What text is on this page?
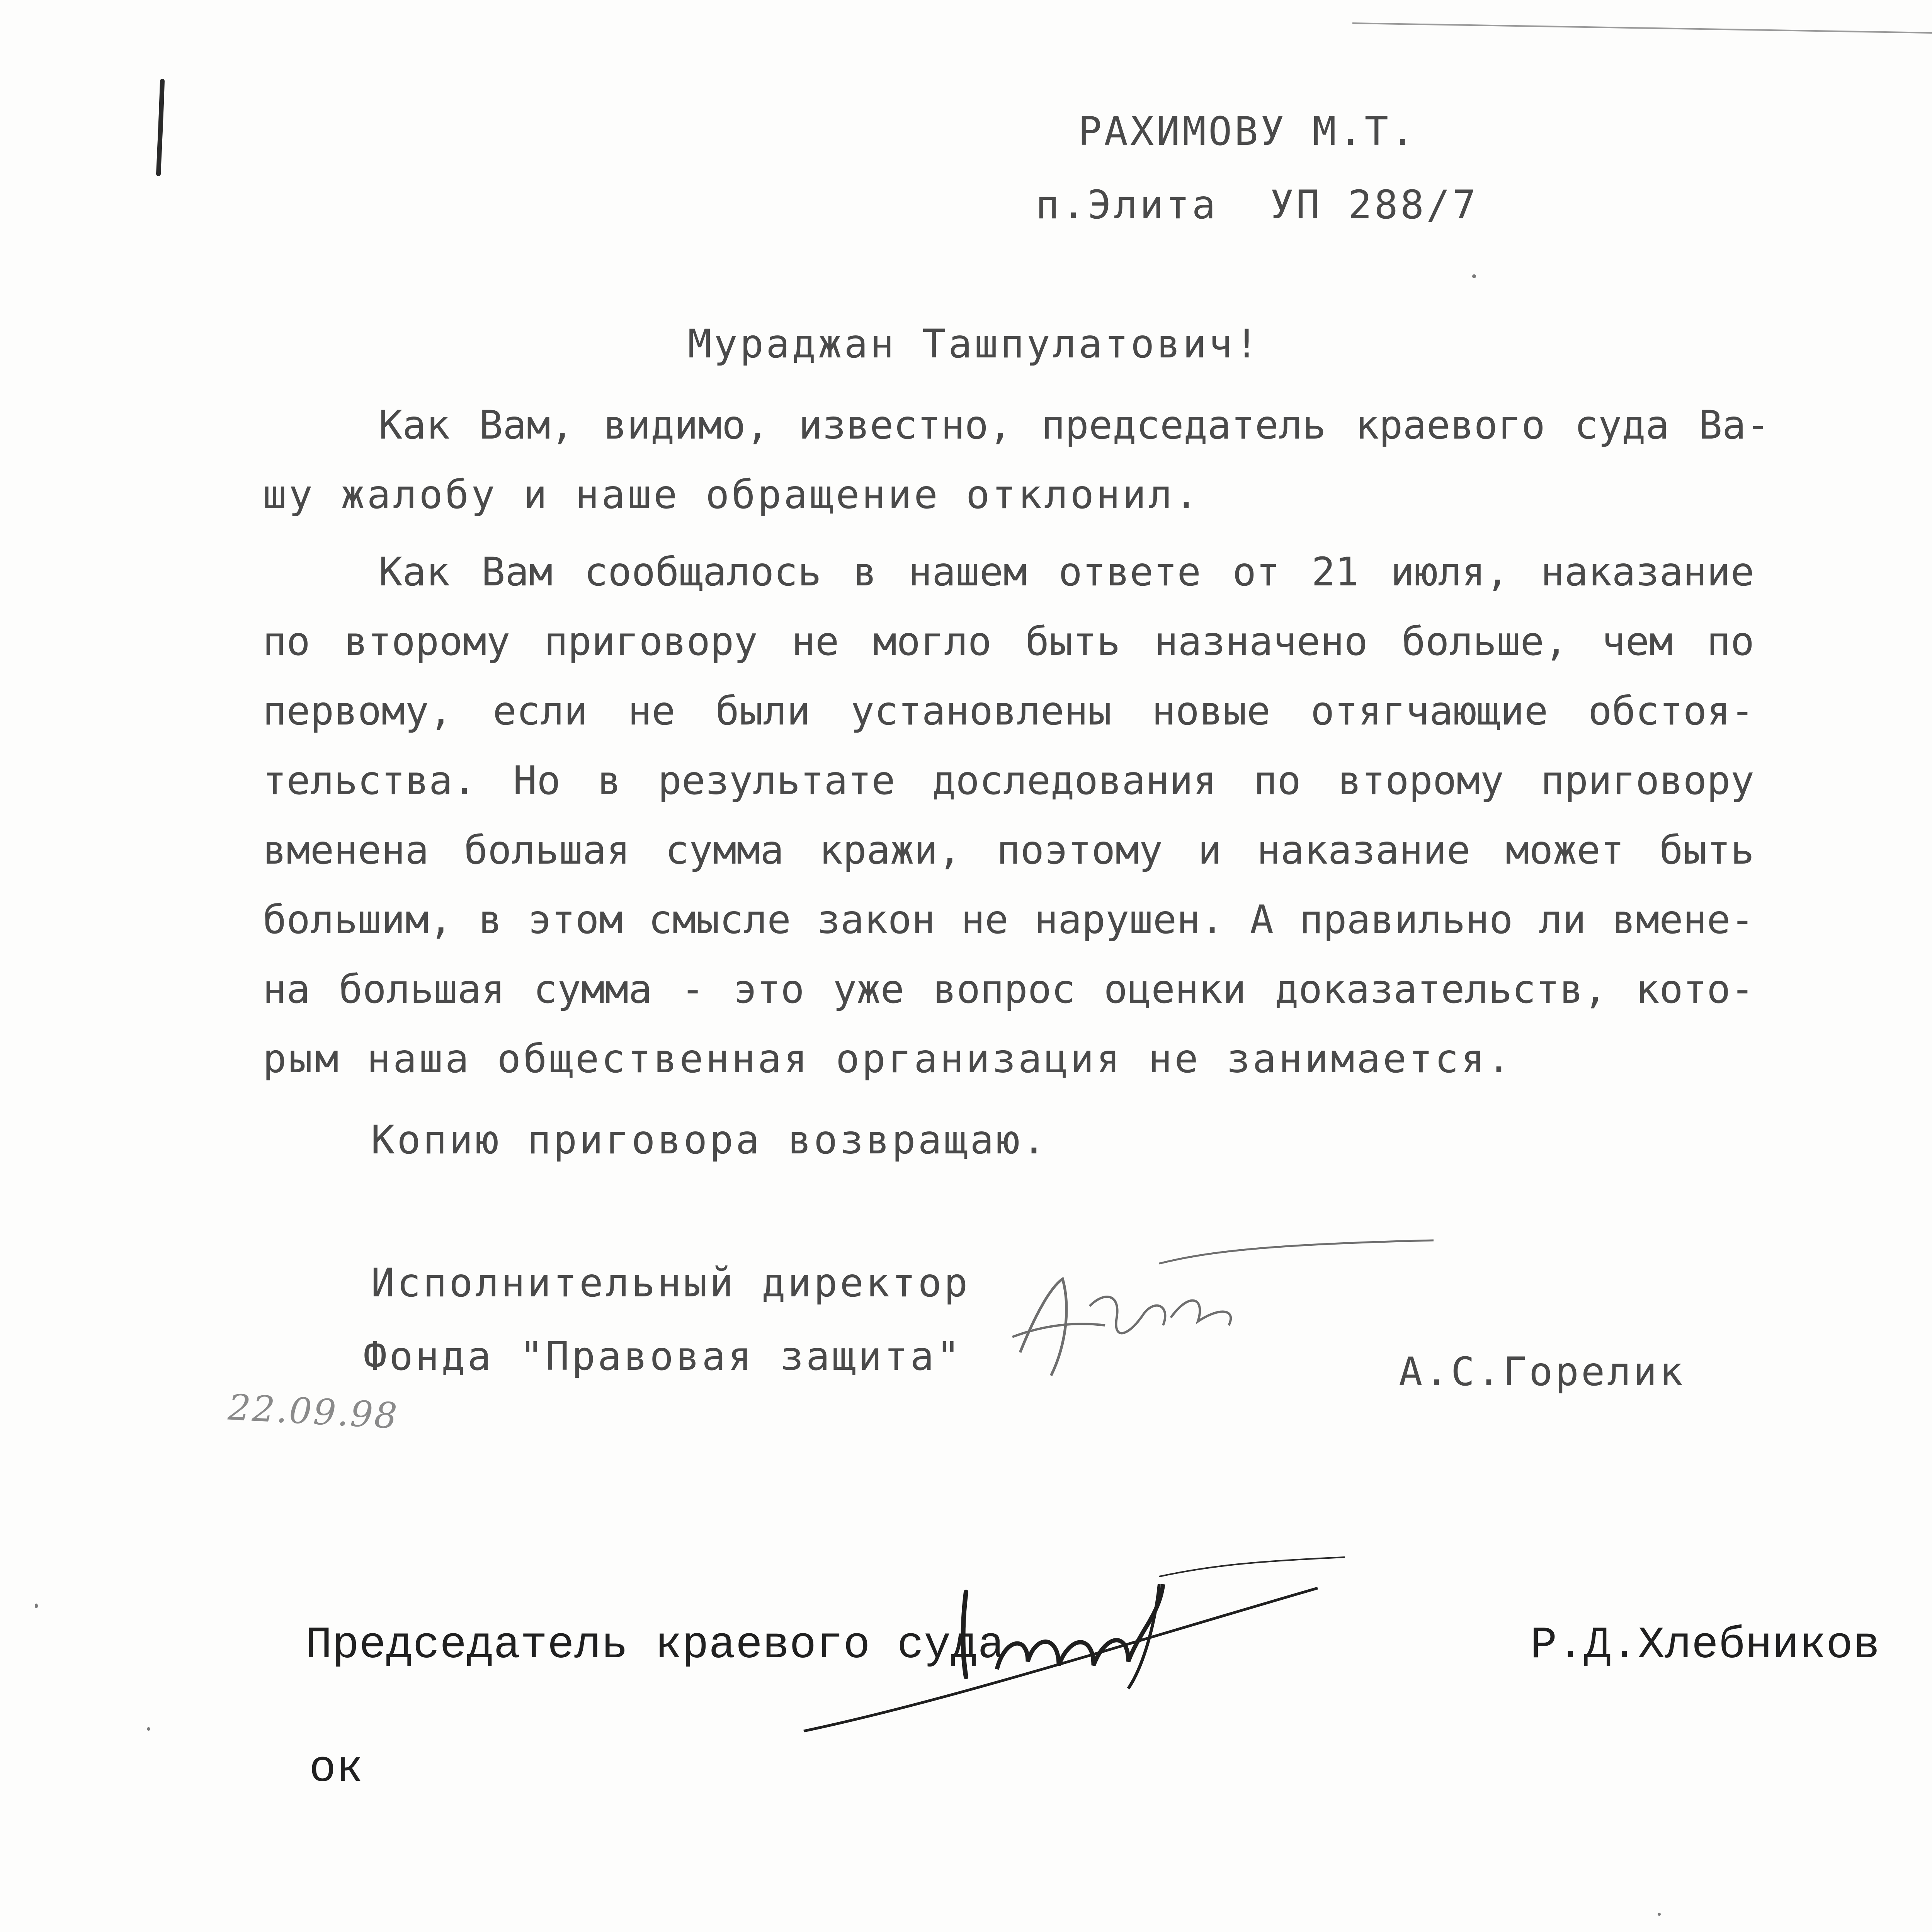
РАХИМОВУ М.Т.
п.Элита  УП 288/7
Мураджан Ташпулатович!
Как Вам, видимо, известно, председатель краевого суда Ва-
шу жалобу и наше обращение отклонил.
Как Вам сообщалось в нашем ответе от 21 июля, наказание
по второму приговору не могло быть назначено больше, чем по
первому, если не были установлены новые отягчающие обстоя-
тельства. Но в результате доследования по второму приговору
вменена большая сумма кражи, поэтому и наказание может быть
большим, в этом смысле закон не нарушен. А правильно ли вмене-
на большая сумма - это уже вопрос оценки доказательств, кото-
рым наша общественная организация не занимается.
Копию приговора возвращаю.
Исполнительный директор
Фонда "Правовая защита"	А.С.Горелик
22.09.98
Председатель краевого суда	Р.Д.Хлебников
ок
